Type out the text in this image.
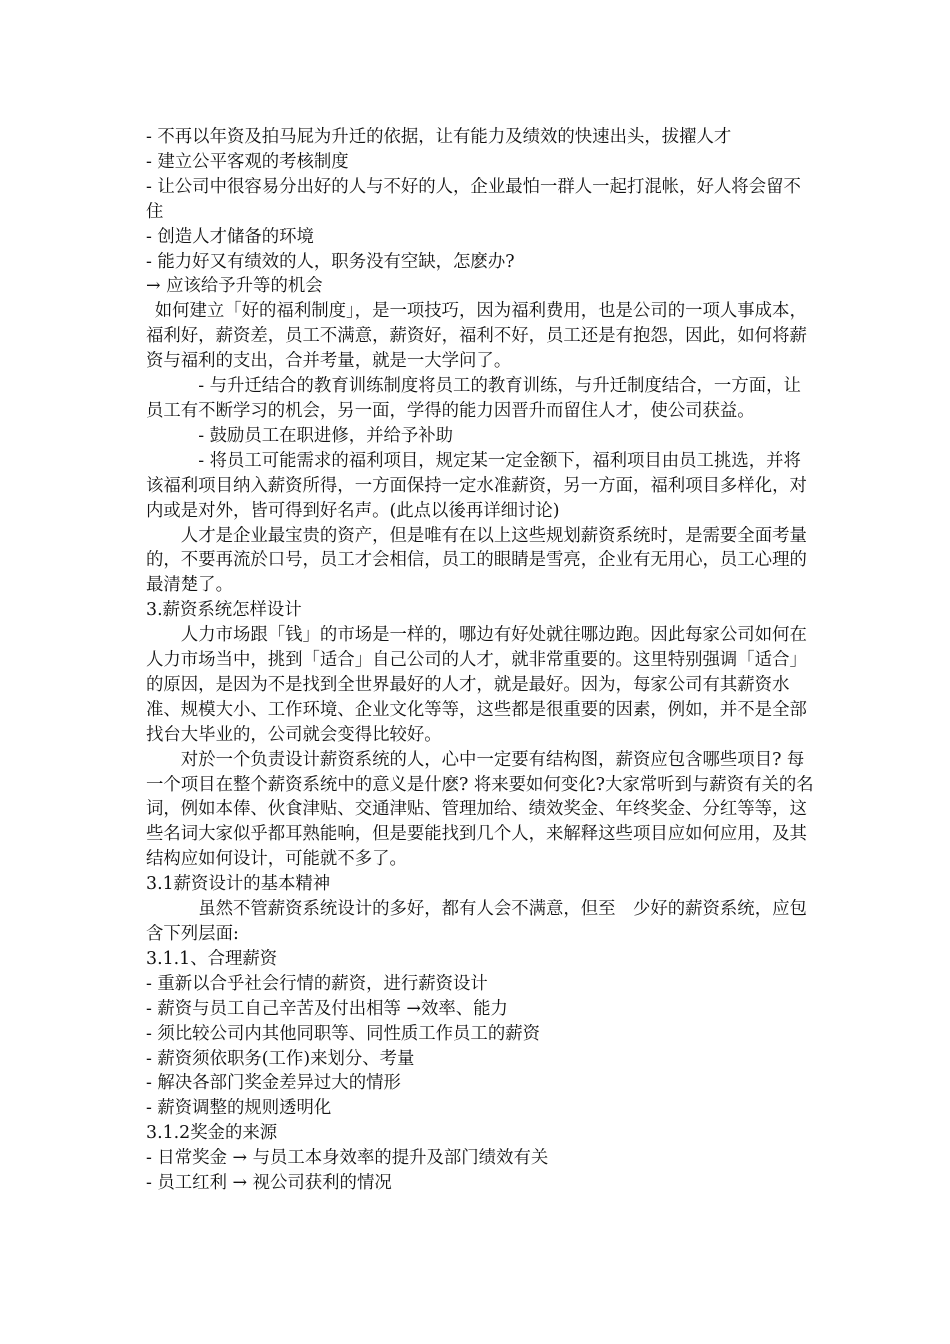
- 不再以年资及拍马屁为升迁的依据，让有能力及绩效的快速出头，拔擢人才

- 建立公平客观的考核制度

- 让公司中很容易分出好的人与不好的人，企业最怕一群人一起打混帐，好人将会留不住

- 创造人才储备的环境

- 能力好又有绩效的人，职务没有空缺，怎麽办?

→ 应该给予升等的机会

如何建立「好的福利制度」，是一项技巧，因为福利费用，也是公司的一项人事成本，福利好，薪资差，员工不满意，薪资好，福利不好，员工还是有抱怨，因此，如何将薪资与福利的支出，合并考量，就是一大学问了。

- 与升迁结合的教育训练制度将员工的教育训练，与升迁制度结合，一方面，让员工有不断学习的机会，另一面，学得的能力因晋升而留住人才，使公司获益。

- 鼓励员工在职进修，并给予补助

- 将员工可能需求的福利项目，规定某一定金额下，福利项目由员工挑选，并将该福利项目纳入薪资所得，一方面保持一定水准薪资，另一方面，福利项目多样化，对内或是对外，皆可得到好名声。(此点以後再详细讨论)

人才是企业最宝贵的资产，但是唯有在以上这些规划薪资系统时，是需要全面考量的，不要再流於口号，员工才会相信，员工的眼睛是雪亮，企业有无用心，员工心理的最清楚了。

3.薪资系统怎样设计

人力市场跟「钱」的市场是一样的，哪边有好处就往哪边跑。因此每家公司如何在人力市场当中，挑到「适合」自己公司的人才，就非常重要的。这里特别强调「适合」的原因，是因为不是找到全世界最好的人才，就是最好。因为，每家公司有其薪资水准、规模大小、工作环境、企业文化等等，这些都是很重要的因素，例如，并不是全部找台大毕业的，公司就会变得比较好。

对於一个负责设计薪资系统的人，心中一定要有结构图，薪资应包含哪些项目? 每一个项目在整个薪资系统中的意义是什麽? 将来要如何变化?大家常听到与薪资有关的名词，例如本俸、伙食津贴、交通津贴、管理加给、绩效奖金、年终奖金、分红等等，这些名词大家似乎都耳熟能响，但是要能找到几个人，来解释这些项目应如何应用，及其结构应如何设计，可能就不多了。

3.1薪资设计的基本精神

虽然不管薪资系统设计的多好，都有人会不满意，但至　少好的薪资系统，应包含下列层面:

3.1.1、合理薪资

- 重新以合乎社会行情的薪资，进行薪资设计

- 薪资与员工自己辛苦及付出相等 →效率、能力

- 须比较公司内其他同职等、同性质工作员工的薪资

- 薪资须依职务(工作)来划分、考量

- 解决各部门奖金差异过大的情形

- 薪资调整的规则透明化

3.1.2奖金的来源

- 日常奖金 → 与员工本身效率的提升及部门绩效有关

- 员工红利 → 视公司获利的情况
